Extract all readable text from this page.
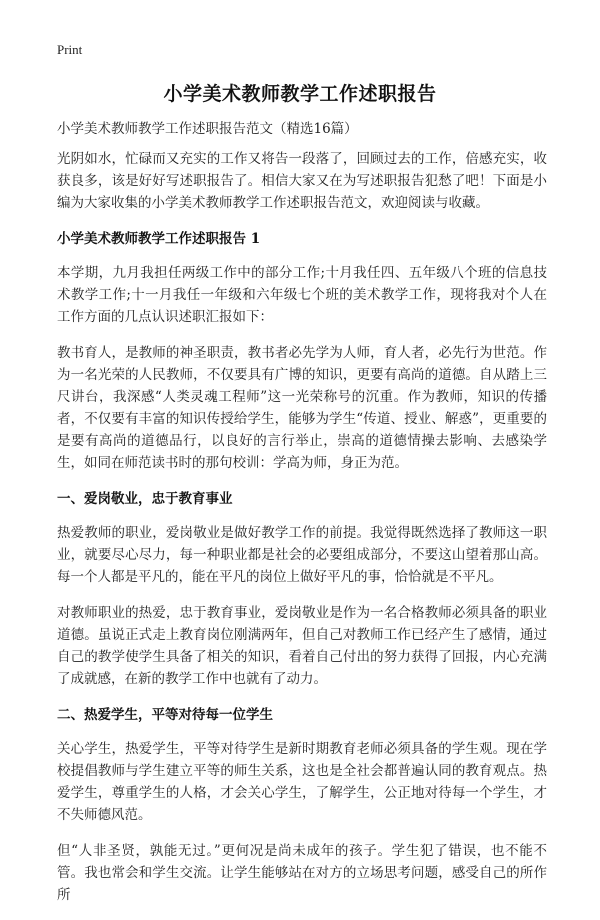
Print
小学美术教师教学工作述职报告
小学美术教师教学工作述职报告范文（精选16篇）

光阴如水，忙碌而又充实的工作又将告一段落了，回顾过去的工作，倍感充实，收获良多，该是好好写述职报告了。相信大家又在为写述职报告犯愁了吧！下面是小编为大家收集的小学美术教师教学工作述职报告范文，欢迎阅读与收藏。

小学美术教师教学工作述职报告 1

本学期，九月我担任两级工作中的部分工作;十月我任四、五年级八个班的信息技术教学工作;十一月我任一年级和六年级七个班的美术教学工作，现将我对个人在工作方面的几点认识述职汇报如下：

教书育人，是教师的神圣职责，教书者必先学为人师，育人者，必先行为世范。作为一名光荣的人民教师，不仅要具有广博的知识，更要有高尚的道德。自从踏上三尺讲台，我深感“人类灵魂工程师”这一光荣称号的沉重。作为教师，知识的传播者，不仅要有丰富的知识传授给学生，能够为学生“传道、授业、解惑”，更重要的是要有高尚的道德品行，以良好的言行举止，崇高的道德情操去影响、去感染学生，如同在师范读书时的那句校训：学高为师，身正为范。

一、爱岗敬业，忠于教育事业

热爱教师的职业，爱岗敬业是做好教学工作的前提。我觉得既然选择了教师这一职业，就要尽心尽力，每一种职业都是社会的必要组成部分，不要这山望着那山高。每一个人都是平凡的，能在平凡的岗位上做好平凡的事，恰恰就是不平凡。

对教师职业的热爱，忠于教育事业，爱岗敬业是作为一名合格教师必须具备的职业道德。虽说正式走上教育岗位刚满两年，但自己对教师工作已经产生了感情，通过自己的教学使学生具备了相关的知识，看着自己付出的努力获得了回报，内心充满了成就感，在新的教学工作中也就有了动力。

二、热爱学生，平等对待每一位学生

关心学生，热爱学生，平等对待学生是新时期教育老师必须具备的学生观。现在学校提倡教师与学生建立平等的师生关系，这也是全社会都普遍认同的教育观点。热爱学生，尊重学生的人格，才会关心学生，了解学生，公正地对待每一个学生，才不失师德风范。

但“人非圣贤，孰能无过。”更何况是尚未成年的孩子。学生犯了错误，也不能不管。我也常会和学生交流。让学生能够站在对方的立场思考问题，感受自己的所作所
